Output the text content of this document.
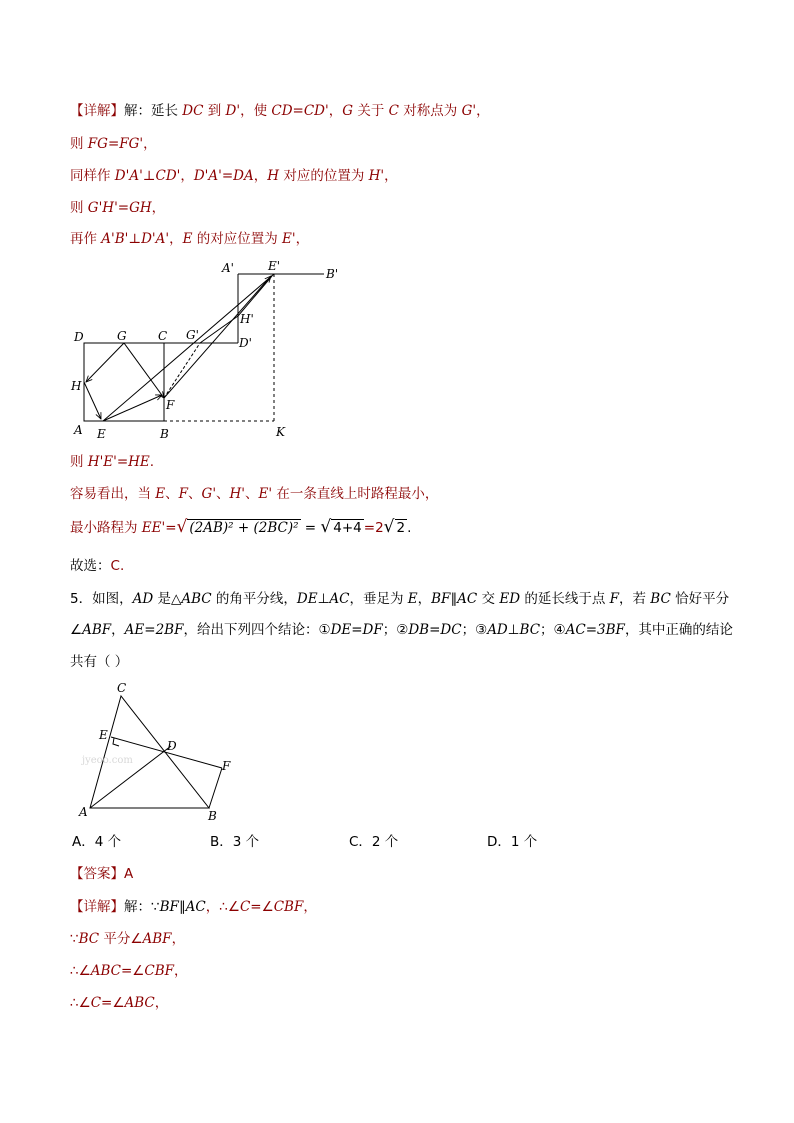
【详解】解：延长 DC 到 D'，使 CD=CD'，G 关于 C 对称点为 G'，
则 FG=FG'，
同样作 D'A'⊥CD'，D'A'=DA，H 对应的位置为 H'，
则 G'H'=GH，
再作 A'B'⊥D'A'，E 的对应位置为 E'，
D	G	C G'
H
F
A E	B
D'
H'
A'	E'
B'
K
则 H'E'=HE.
容易看出，当 E、F、G'、H'、E' 在一条直线上时路程最小，
最小路程为 EE'=√ (2AB)² + (2BC)² = √ 4+4 =2√ 2 .
故选：C.
5．如图，AD 是△ABC 的角平分线，DE⊥AC，垂足为 E，BF∥AC 交 ED 的延长线于点 F，若 BC 恰好平分
∠ABF，AE=2BF，给出下列四个结论：①DE=DF；②DB=DC；③AD⊥BC；④AC=3BF，其中正确的结论
共有（ ）
C
E
D
F
A	B
jyeoo.com
A．4 个	B．3 个	C．2 个	D．1 个
【答案】A
【详解】解：∵BF∥AC，∴∠C=∠CBF，
∵BC 平分∠ABF，
∴∠ABC=∠CBF，
∴∠C=∠ABC，
